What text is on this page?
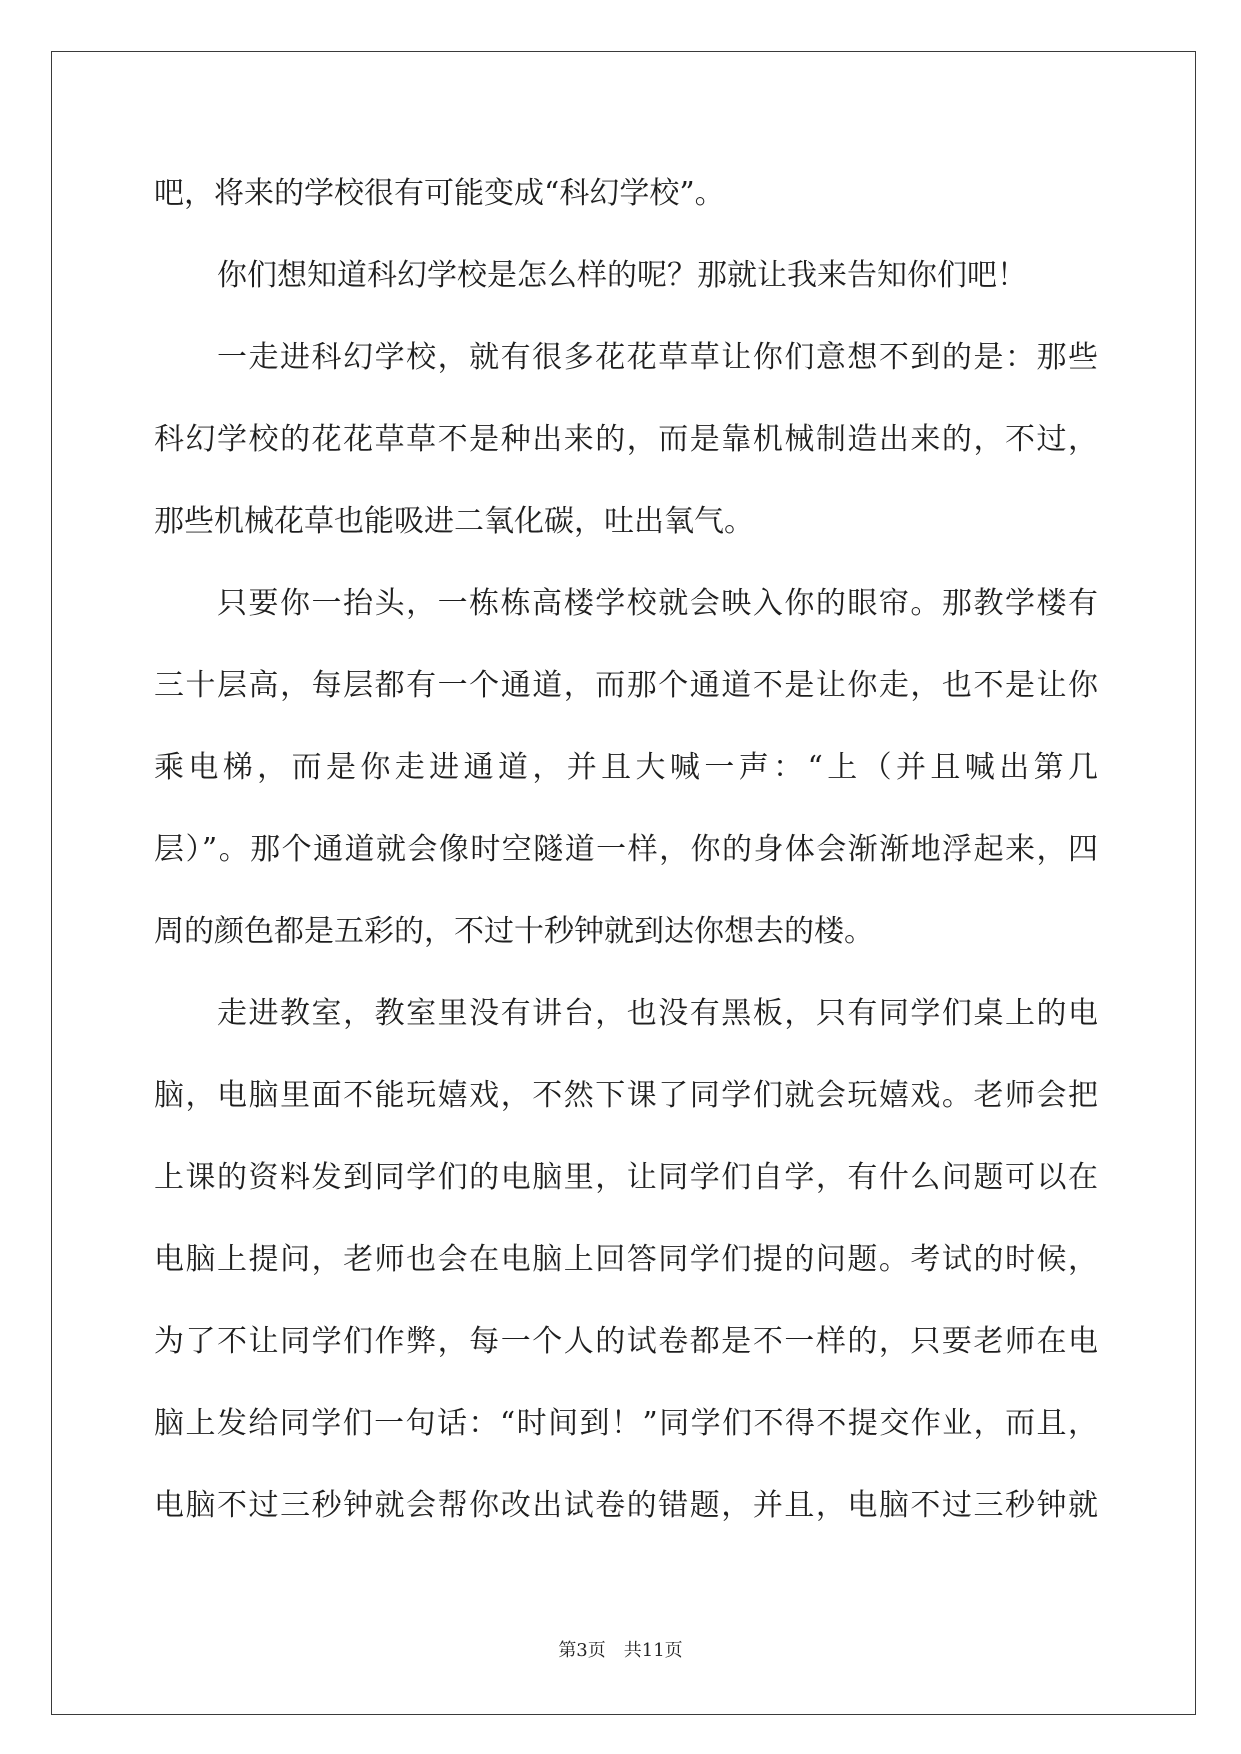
吧，将来的学校很有可能变成“科幻学校”。
你们想知道科幻学校是怎么样的呢？那就让我来告知你们吧！
一走进科幻学校，就有很多花花草草让你们意想不到的是：那些
科幻学校的花花草草不是种出来的，而是靠机械制造出来的，不过，
那些机械花草也能吸进二氧化碳，吐出氧气。
只要你一抬头，一栋栋高楼学校就会映入你的眼帘。那教学楼有
三十层高，每层都有一个通道，而那个通道不是让你走，也不是让你
乘电梯，而是你走进通道，并且大喊一声：“上（并且喊出第几
层）”。那个通道就会像时空隧道一样，你的身体会渐渐地浮起来，四
周的颜色都是五彩的，不过十秒钟就到达你想去的楼。
走进教室，教室里没有讲台，也没有黑板，只有同学们桌上的电
脑，电脑里面不能玩嬉戏，不然下课了同学们就会玩嬉戏。老师会把
上课的资料发到同学们的电脑里，让同学们自学，有什么问题可以在
电脑上提问，老师也会在电脑上回答同学们提的问题。考试的时候，
为了不让同学们作弊，每一个人的试卷都是不一样的，只要老师在电
脑上发给同学们一句话：“时间到！”同学们不得不提交作业，而且，
电脑不过三秒钟就会帮你改出试卷的错题，并且，电脑不过三秒钟就
第3页　共11页
